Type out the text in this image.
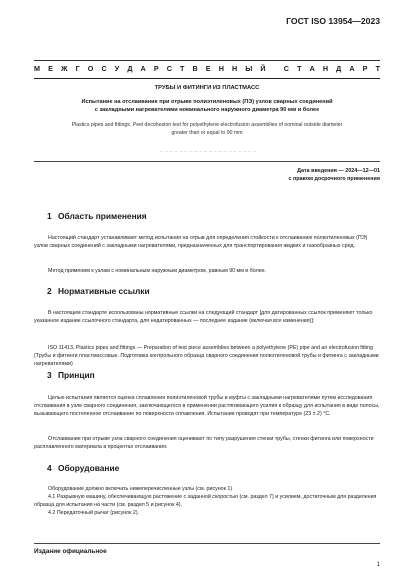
ГОСТ ISO 13954—2023
М Е Ж Г О С У Д А Р С Т В Е Н Н Ы Й
	С Т А Н Д А Р Т
ТРУБЫ И ФИТИНГИ ИЗ ПЛАСТМАСС
Испытание на отслаивание при отрыве полиэтиленовых (ПЭ) узлов сварных соединений
с закладными нагревателями номинального наружного диаметра 90 мм и более
Plastics pipes and fittings. Peel decohesion test for polyethylene electrofusion assemblies of nominal outside diameter
greater than or equal to 90 mm
Дата введения — 2024—12—01
с правом досрочного применения
1 Область применения

Настоящий стандарт устанавливает метод испытания на отрыв для определения стойкости к отслаиванию полиэтиленовых (ПЭ) узлов сварных соединений с закладными нагревателями, предназначенных для транспортирования жидких и газообразных сред.

Метод применим к узлам с номинальным наружным диаметром, равным 90 мм и более.

2 Нормативные ссылки

В настоящем стандарте использованы нормативные ссылки на следующий стандарт [для датированных ссылок применяют только указанное издание ссылочного стандарта, для недатированных — последнее издание (включая все изменения)]:

ISO 11413, Plastics pipes and fittings — Preparation of test piece assemblies between a polyethylene (PE) pipe and an electrofusion fitting (Трубы и фитинги пластмассовые. Подготовка контрольного образца сварного соединения полиэтиленовой трубы и фитинга с закладными нагревателями)

3 Принцип

Целью испытания является оценка сплавления полиэтиленовой трубы и муфты с закладными нагревателями путем исследования отслаивания в узле сварного соединения, заключающегося в применении растягивающего усилия к образцу для испытания в виде полосы, вызывающего постепенное отслаивание по поверхности сплавления. Испытание проводят при температуре (23 ± 2) °C.

Отслаивание при отрыве узла сварного соединения оценивают по типу разрушения стенки трубы, стенки фитинга или поверхности расплавленного материала в процентах отслаивания.

4 Оборудование

Оборудование должно включать нижеперечисленные узлы (см. рисунок 1)

4.1 Разрывную машину, обеспечивающую растяжение с заданной скоростью (см. раздел 7) и усилием, достаточным для разделения образца для испытания на части (см. раздел 5 и рисунок 4).

4.2 Передаточный рычаг (рисунок 2).

Издание официальное
1
